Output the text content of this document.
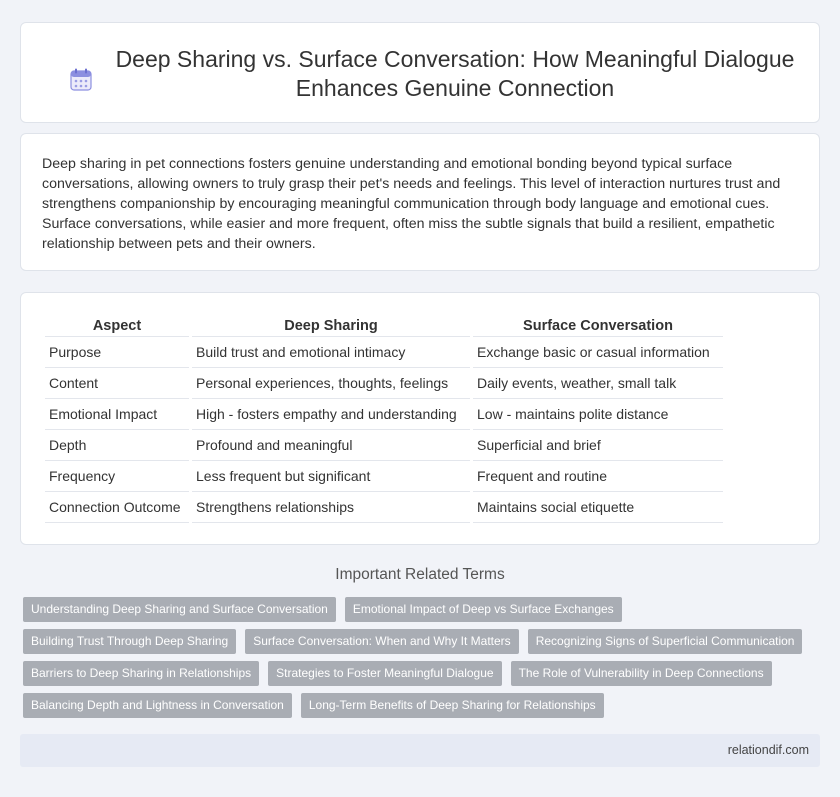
Deep Sharing vs. Surface Conversation: How Meaningful Dialogue Enhances Genuine Connection

Deep sharing in pet connections fosters genuine understanding and emotional bonding beyond typical surface conversations, allowing owners to truly grasp their pet's needs and feelings. This level of interaction nurtures trust and strengthens companionship by encouraging meaningful communication through body language and emotional cues. Surface conversations, while easier and more frequent, often miss the subtle signals that build a resilient, empathetic relationship between pets and their owners.

Aspect	Deep Sharing	Surface Conversation
Purpose	Build trust and emotional intimacy	Exchange basic or casual information
Content	Personal experiences, thoughts, feelings	Daily events, weather, small talk
Emotional Impact	High - fosters empathy and understanding	Low - maintains polite distance
Depth	Profound and meaningful	Superficial and brief
Frequency	Less frequent but significant	Frequent and routine
Connection Outcome	Strengthens relationships	Maintains social etiquette
Important Related Terms
Understanding Deep Sharing and Surface Conversation	Emotional Impact of Deep vs Surface Exchanges
Building Trust Through Deep Sharing	Surface Conversation: When and Why It Matters	Recognizing Signs of Superficial Communication
Barriers to Deep Sharing in Relationships	Strategies to Foster Meaningful Dialogue	The Role of Vulnerability in Deep Connections
Balancing Depth and Lightness in Conversation	Long-Term Benefits of Deep Sharing for Relationships
relationdif.com
